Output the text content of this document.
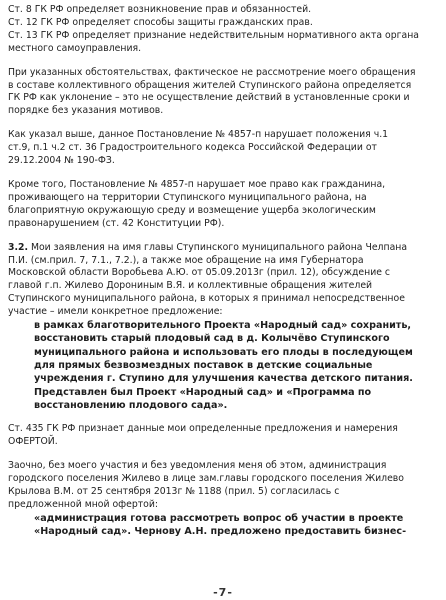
Ст. 8 ГК РФ определяет возникновение прав и обязанностей.
Ст. 12 ГК РФ определяет способы защиты гражданских прав.
Ст. 13 ГК РФ определяет признание недействительным нормативного акта органа
местного самоуправления.
При указанных обстоятельствах, фактическое не рассмотрение моего обращения
в составе коллективного обращения жителей Ступинского района определяется
ГК РФ как уклонение – это не осуществление действий в установленные сроки и
порядке без указания мотивов.
Как указал выше, данное Постановление № 4857-п нарушает положения ч.1
ст.9, п.1 ч.2 ст. 36 Градостроительного кодекса Российской Федерации от
29.12.2004 № 190-ФЗ.
Кроме того, Постановление № 4857-п нарушает мое право как гражданина,
проживающего на территории Ступинского муниципального района, на
благоприятную окружающую среду и возмещение ущерба экологическим
правонарушением (ст. 42 Конституции РФ).
3.2. Мои заявления на имя главы Ступинского муниципального района Челпана
П.И. (см.прил. 7, 7.1., 7.2.), а также мое обращение на имя Губернатора
Московской области Воробьева А.Ю. от 05.09.2013г (прил. 12), обсуждение с
главой г.п. Жилево Дорониным В.Я. и коллективные обращения жителей
Ступинского муниципального района, в которых я принимал непосредственное
участие – имели конкретное предложение:
в рамках благотворительного Проекта «Народный сад» сохранить,
восстановить старый плодовый сад в д. Колычёво Ступинского
муниципального района и использовать его плоды в последующем
для прямых безвозмездных поставок в детские социальные
учреждения г. Ступино для улучшения качества детского питания.
Представлен был Проект «Народный сад» и «Программа по
восстановлению плодового сада».
Ст. 435 ГК РФ признает данные мои определенные предложения и намерения
ОФЕРТОЙ.
Заочно, без моего участия и без уведомления меня об этом, администрация
городского поселения Жилево в лице зам.главы городского поселения Жилево
Крылова В.М. от 25 сентября 2013г № 1188 (прил. 5) согласилась с
предложенной мной офертой:
«администрация готова рассмотреть вопрос об участии в проекте
«Народный сад». Чернову А.Н. предложено предоставить бизнес-
-7-
